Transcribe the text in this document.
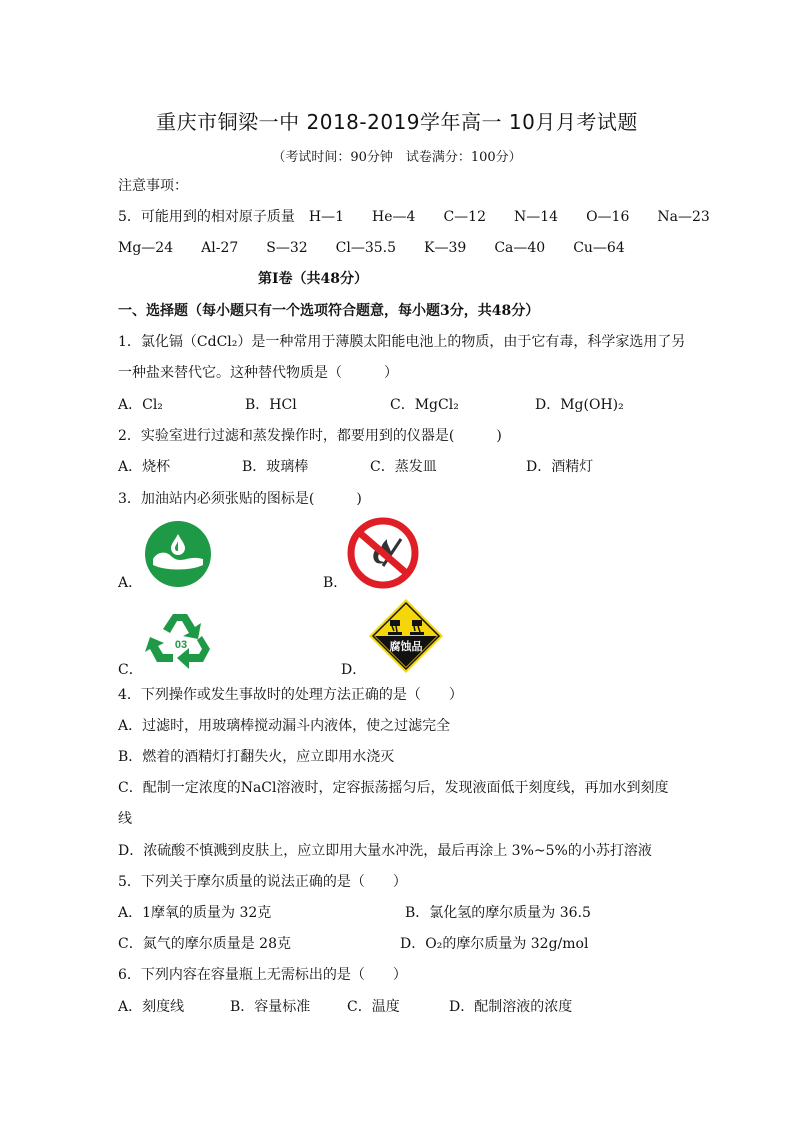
重庆市铜梁一中 2018-2019学年高一 10月月考试题
（考试时间：90分钟　试卷满分：100分）
注意事项：
5．可能用到的相对原子质量 H—1 He—4 C—12 N—14 O—16 Na—23
Mg—24 Al-27 S—32 Cl—35.5 K—39 Ca—40 Cu—64
第Ⅰ卷（共48分）
一、选择题（每小题只有一个选项符合题意，每小题3分，共48分）
1．氯化镉（CdCl₂）是一种常用于薄膜太阳能电池上的物质，由于它有毒，科学家选用了另
一种盐来替代它。这种替代物质是（　　　）
A．Cl₂	B．HCl	C．MgCl₂	D．Mg(OH)₂
2．实验室进行过滤和蒸发操作时，都要用到的仪器是(　　　)
A．烧杯	B．玻璃棒	C．蒸发皿	D．酒精灯
3．加油站内必须张贴的图标是(　　　)
A．	B．
C．
03
D．
腐蚀品
4．下列操作或发生事故时的处理方法正确的是（　　）
A．过滤时，用玻璃棒搅动漏斗内液体，使之过滤完全
B．燃着的酒精灯打翻失火，应立即用水浇灭
C．配制一定浓度的NaCl溶液时，定容振荡摇匀后，发现液面低于刻度线，再加水到刻度
线
D．浓硫酸不慎溅到皮肤上，应立即用大量水冲洗，最后再涂上 3%~5%的小苏打溶液
5．下列关于摩尔质量的说法正确的是（　　）
A．1摩氧的质量为 32克	B．氯化氢的摩尔质量为 36.5
C．氮气的摩尔质量是 28克	D．O₂的摩尔质量为 32g/mol
6．下列内容在容量瓶上无需标出的是（　　）
A．刻度线	B．容量标准	C．温度	D．配制溶液的浓度
